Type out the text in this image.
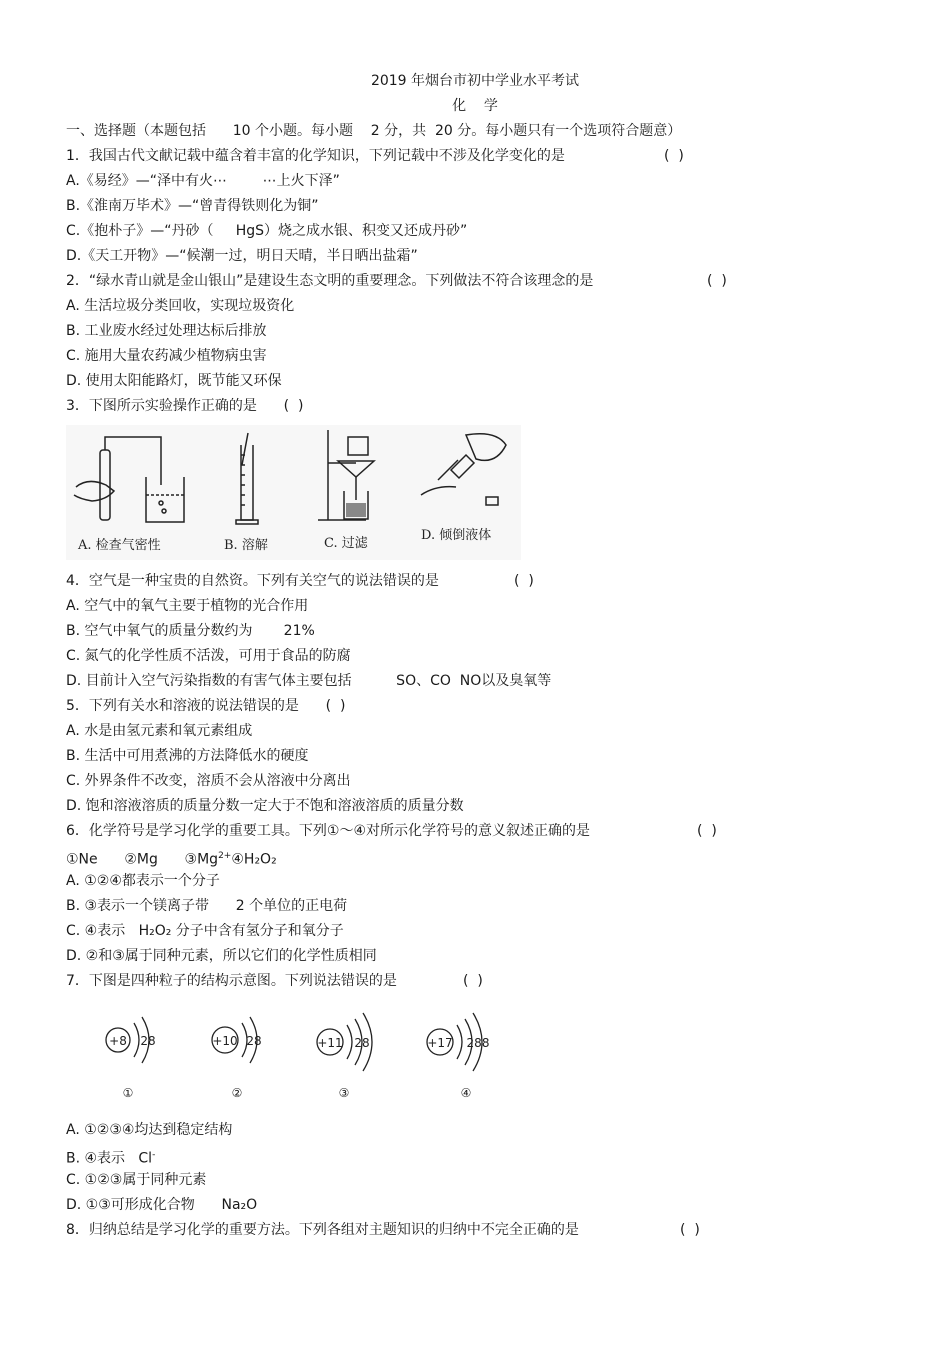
2019 年烟台市初中学业水平考试
化    学
一、选择题（本题包括      10 个小题。每小题    2 分，共  20 分。每小题只有一个选项符合题意）
1．我国古代文献记载中蕴含着丰富的化学知识，下列记载中不涉及化学变化的是	(  )
A.《易经》—“泽中有火⋯        ⋯上火下泽”
B.《淮南万毕术》—“曾青得铁则化为铜”
C.《抱朴子》—“丹砂（     HgS）烧之成水银、积变又还成丹砂”
D.《天工开物》—“候潮一过，明日天晴，半日晒出盐霜”
2．“绿水青山就是金山银山”是建设生态文明的重要理念。下列做法不符合该理念的是	(  )
A. 生活垃圾分类回收，实现垃圾资化
B. 工业废水经过处理达标后排放
C. 施用大量农药减少植物病虫害
D. 使用太阳能路灯，既节能又环保
3．下图所示实验操作正确的是      (  )
A. 检查气密性	B. 溶解	C. 过滤
D. 倾倒液体
4．空气是一种宝贵的自然资。下列有关空气的说法错误的是	(  )
A. 空气中的氧气主要于植物的光合作用
B. 空气中氧气的质量分数约为       21%
C. 氮气的化学性质不活泼，可用于食品的防腐
D. 目前计入空气污染指数的有害气体主要包括          SO、CO  NO以及臭氧等
5．下列有关水和溶液的说法错误的是      (  )
A. 水是由氢元素和氧元素组成
B. 生活中可用煮沸的方法降低水的硬度
C. 外界条件不改变，溶质不会从溶液中分离出
D. 饱和溶液溶质的质量分数一定大于不饱和溶液溶质的质量分数
6．化学符号是学习化学的重要工具。下列①～④对所示化学符号的意义叙述正确的是	(  )
①Ne      ②Mg      $③Mg^{2+}④H_2O_2$
A. ①②④都表示一个分子
B. ③表示一个镁离子带      2 个单位的正电荷
C. ④表示   H₂O₂ 分子中含有氢分子和氧分子
D. ②和③属于同种元素，所以它们的化学性质相同
7．下图是四种粒子的结构示意图。下列说法错误的是	(  )
+8 28	+10 28	+11 28	+17 288
①	②	③	④
A. ①②③④均达到稳定结构
B. ④表示   Cl-
C. ①②③属于同种元素
D. ①③可形成化合物      Na₂O
8．归纳总结是学习化学的重要方法。下列各组对主题知识的归纳中不完全正确的是	(  )
